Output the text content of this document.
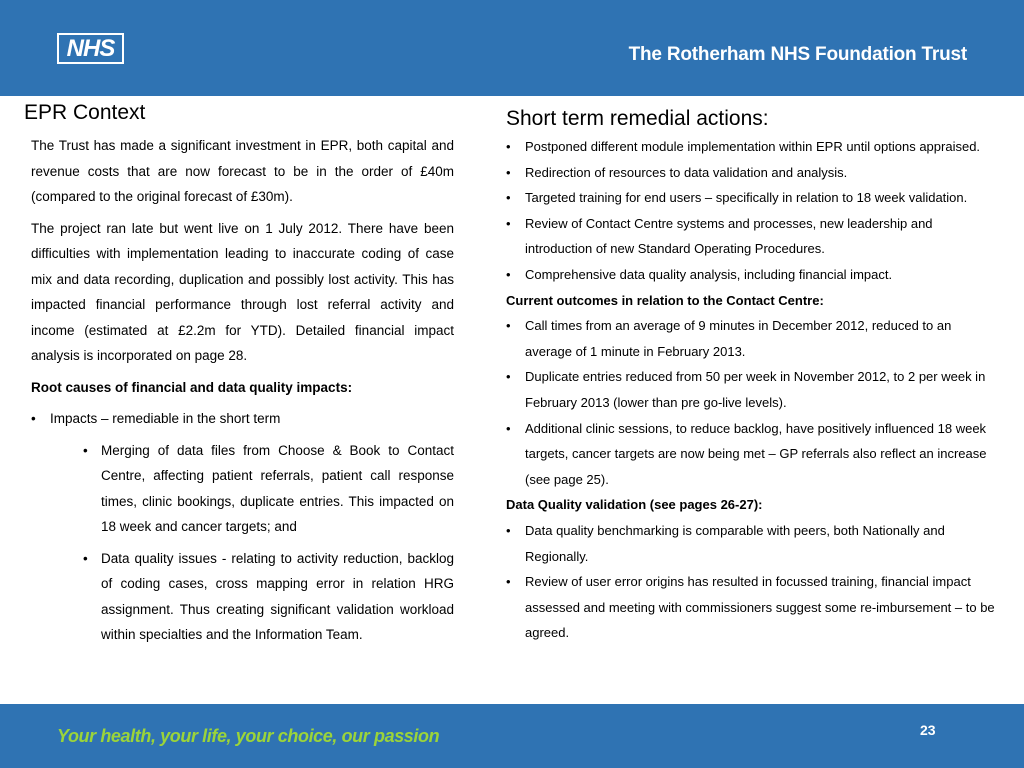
NHS	The Rotherham NHS Foundation Trust
EPR Context

The Trust has made a significant investment in EPR, both capital and revenue costs that are now forecast to be in the order of £40m (compared to the original forecast of £30m).

The project ran late but went live on 1 July 2012. There have been difficulties with implementation leading to inaccurate coding of case mix and data recording, duplication and possibly lost activity. This has impacted financial performance through lost referral activity and income (estimated at £2.2m for YTD). Detailed financial impact analysis is incorporated on page 28.

Root causes of financial and data quality impacts:

• Impacts – remediable in the short term
• Merging of data files from Choose & Book to Contact Centre, affecting patient referrals, patient call response times, clinic bookings, duplicate entries. This impacted on 18 week and cancer targets; and
• Data quality issues - relating to activity reduction, backlog of coding cases, cross mapping error in relation HRG assignment. Thus creating significant validation workload within specialties and the Information Team.
Short term remedial actions:
• Postponed different module implementation within EPR until options appraised.
• Redirection of resources to data validation and analysis.
• Targeted training for end users – specifically in relation to 18 week validation.
• Review of Contact Centre systems and processes, new leadership and introduction of new Standard Operating Procedures.
• Comprehensive data quality analysis, including financial impact.
Current outcomes in relation to the Contact Centre:
• Call times from an average of 9 minutes in December 2012, reduced to an average of 1 minute in February 2013.
• Duplicate entries reduced from 50 per week in November 2012, to 2 per week in February 2013 (lower than pre go-live levels).
• Additional clinic sessions, to reduce backlog, have positively influenced 18 week targets, cancer targets are now being met – GP referrals also reflect an increase (see page 25).
Data Quality validation (see pages 26-27):
• Data quality benchmarking is comparable with peers, both Nationally and Regionally.
• Review of user error origins has resulted in focussed training, financial impact assessed and meeting with commissioners suggest some re-imbursement – to be agreed.
Your health, your life, your choice, our passion	23
